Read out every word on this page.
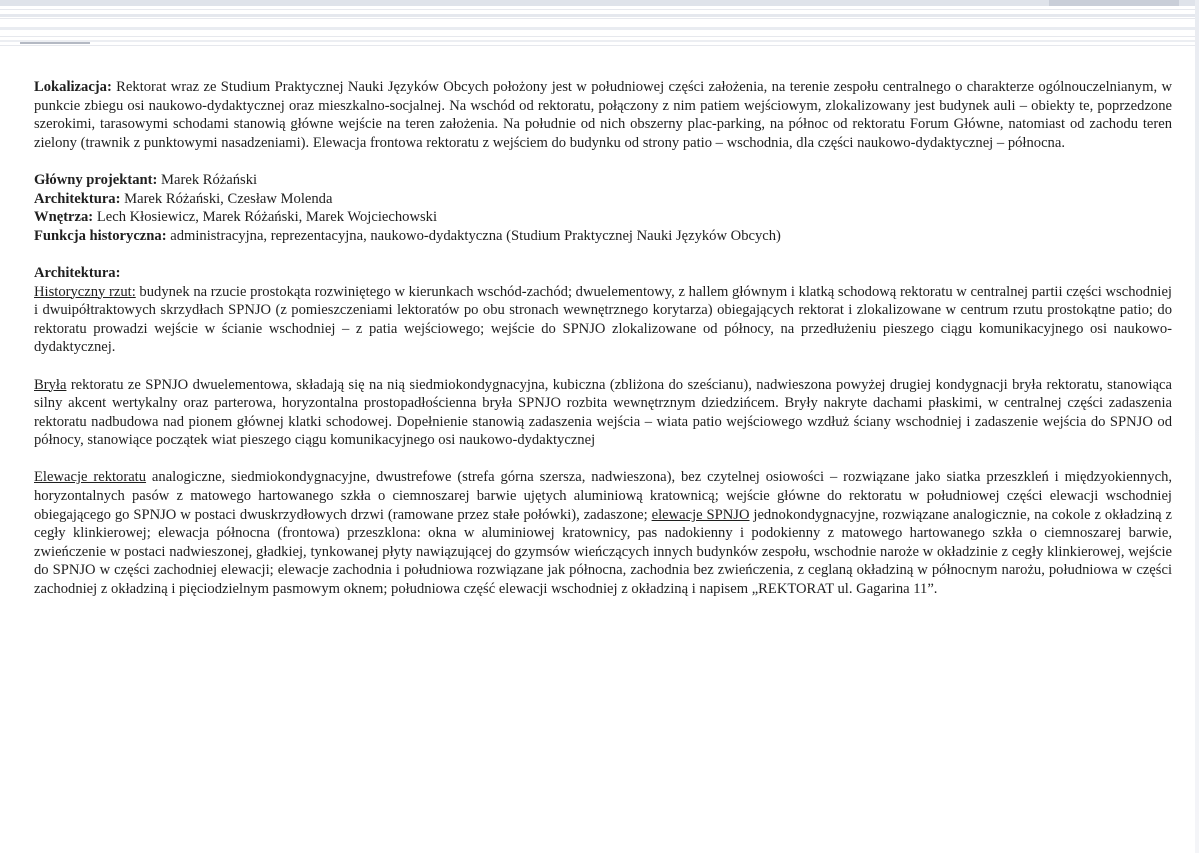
Lokalizacja: Rektorat wraz ze Studium Praktycznej Nauki Języków Obcych położony jest w południowej części założenia, na terenie zespołu centralnego o charakterze ogólnouczelnianym, w punkcie zbiegu osi naukowo-dydaktycznej oraz mieszkalno-socjalnej. Na wschód od rektoratu, połączony z nim patiem wejściowym, zlokalizowany jest budynek auli – obiekty te, poprzedzone szerokimi, tarasowymi schodami stanowią główne wejście na teren założenia. Na południe od nich obszerny plac-parking, na północ od rektoratu Forum Główne, natomiast od zachodu teren zielony (trawnik z punktowymi nasadzeniami). Elewacja frontowa rektoratu z wejściem do budynku od strony patio – wschodnia, dla części naukowo-dydaktycznej – północna.

Główny projektant: Marek Różański

Architektura: Marek Różański, Czesław Molenda

Wnętrza: Lech Kłosiewicz, Marek Różański, Marek Wojciechowski

Funkcja historyczna: administracyjna, reprezentacyjna, naukowo-dydaktyczna (Studium Praktycznej Nauki Języków Obcych)

Architektura:
Historyczny rzut: budynek na rzucie prostokąta rozwiniętego w kierunkach wschód-zachód; dwuelementowy, z hallem głównym i klatką schodową rektoratu w centralnej partii części wschodniej i dwuipółtraktowych skrzydłach SPNJO (z pomieszczeniami lektoratów po obu stronach wewnętrznego korytarza) obiegających rektorat i zlokalizowane w centrum rzutu prostokątne patio; do rektoratu prowadzi wejście w ścianie wschodniej – z patia wejściowego; wejście do SPNJO zlokalizowane od północy, na przedłużeniu pieszego ciągu komunikacyjnego osi naukowo-dydaktycznej.

Bryła rektoratu ze SPNJO dwuelementowa, składają się na nią siedmiokondygnacyjna, kubiczna (zbliżona do sześcianu), nadwieszona powyżej drugiej kondygnacji bryła rektoratu, stanowiąca silny akcent wertykalny oraz parterowa, horyzontalna prostopadłościenna bryła SPNJO rozbita wewnętrznym dziedzińcem. Bryły nakryte dachami płaskimi, w centralnej części zadaszenia rektoratu nadbudowa nad pionem głównej klatki schodowej. Dopełnienie stanowią zadaszenia wejścia – wiata patio wejściowego wzdłuż ściany wschodniej i zadaszenie wejścia do SPNJO od północy, stanowiące początek wiat pieszego ciągu komunikacyjnego osi naukowo-dydaktycznej

Elewacje rektoratu analogiczne, siedmiokondygnacyjne, dwustrefowe (strefa górna szersza, nadwieszona), bez czytelnej osiowości – rozwiązane jako siatka przeszkleń i międzyokiennych, horyzontalnych pasów z matowego hartowanego szkła o ciemnoszarej barwie ujętych aluminiową kratownicą; wejście główne do rektoratu w południowej części elewacji wschodniej obiegającego go SPNJO w postaci dwuskrzydłowych drzwi (ramowane przez stałe połówki), zadaszone; elewacje SPNJO jednokondygnacyjne, rozwiązane analogicznie, na cokole z okładziną z cegły klinkierowej; elewacja północna (frontowa) przeszklona: okna w aluminiowej kratownicy, pas nadokienny i podokienny z matowego hartowanego szkła o ciemnoszarej barwie, zwieńczenie w postaci nadwieszonej, gładkiej, tynkowanej płyty nawiązującej do gzymsów wieńczących innych budynków zespołu, wschodnie naroże w okładzinie z cegły klinkierowej, wejście do SPNJO w części zachodniej elewacji; elewacje zachodnia i południowa rozwiązane jak północna, zachodnia bez zwieńczenia, z ceglaną okładziną w północnym narożu, południowa w części zachodniej z okładziną i pięciodzielnym pasmowym oknem; południowa część elewacji wschodniej z okładziną i napisem „REKTORAT ul. Gagarina 11”.
